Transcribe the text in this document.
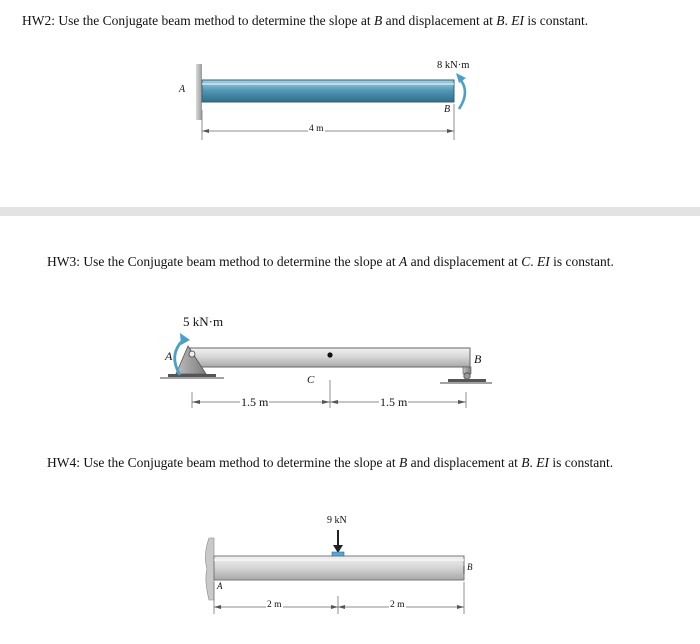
HW2: Use the Conjugate beam method to determine the slope at B and displacement at B. EI is constant.
A
B
8 kN·m
4 m
HW3: Use the Conjugate beam method to determine the slope at A and displacement at C. EI is constant.
5 kN·m
A	B
C
1.5 m	1.5 m
HW4: Use the Conjugate beam method to determine the slope at B and displacement at B. EI is constant.
9 kN
A
B
2 m	2 m
